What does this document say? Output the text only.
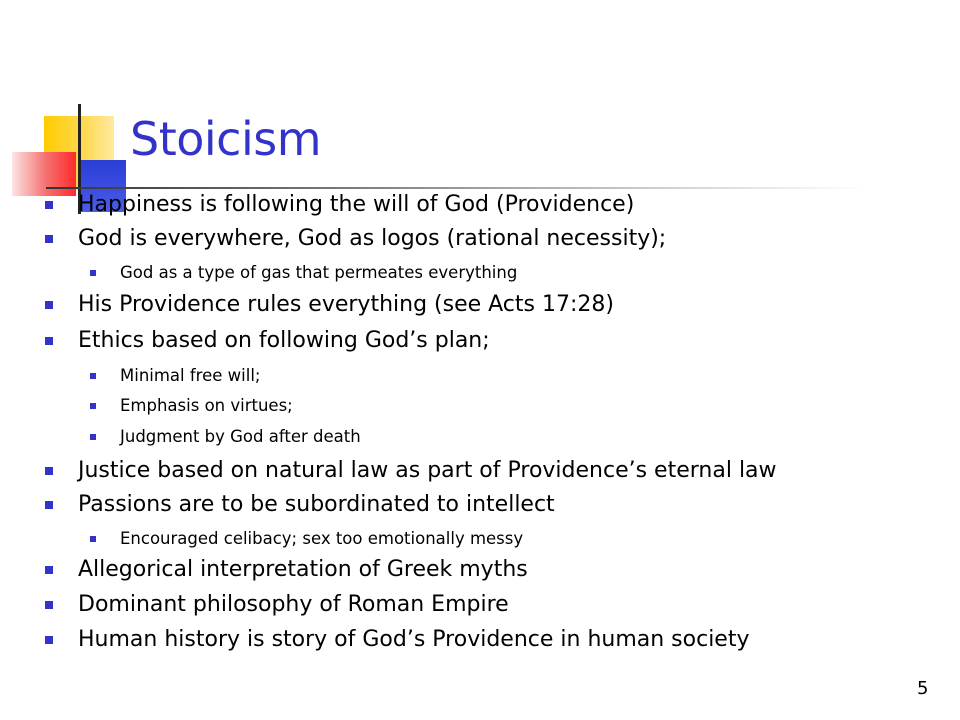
Stoicism
Happiness is following the will of God (Providence)
God is everywhere, God as logos (rational necessity);
God as a type of gas that permeates everything
His Providence rules everything (see Acts 17:28)
Ethics based on following God’s plan;
Minimal free will;
Emphasis on virtues;
Judgment by God after death
Justice based on natural law as part of Providence’s eternal law
Passions are to be subordinated to intellect
Encouraged celibacy; sex too emotionally messy
Allegorical interpretation of Greek myths
Dominant philosophy of Roman Empire
Human history is story of God’s Providence in human society
5
